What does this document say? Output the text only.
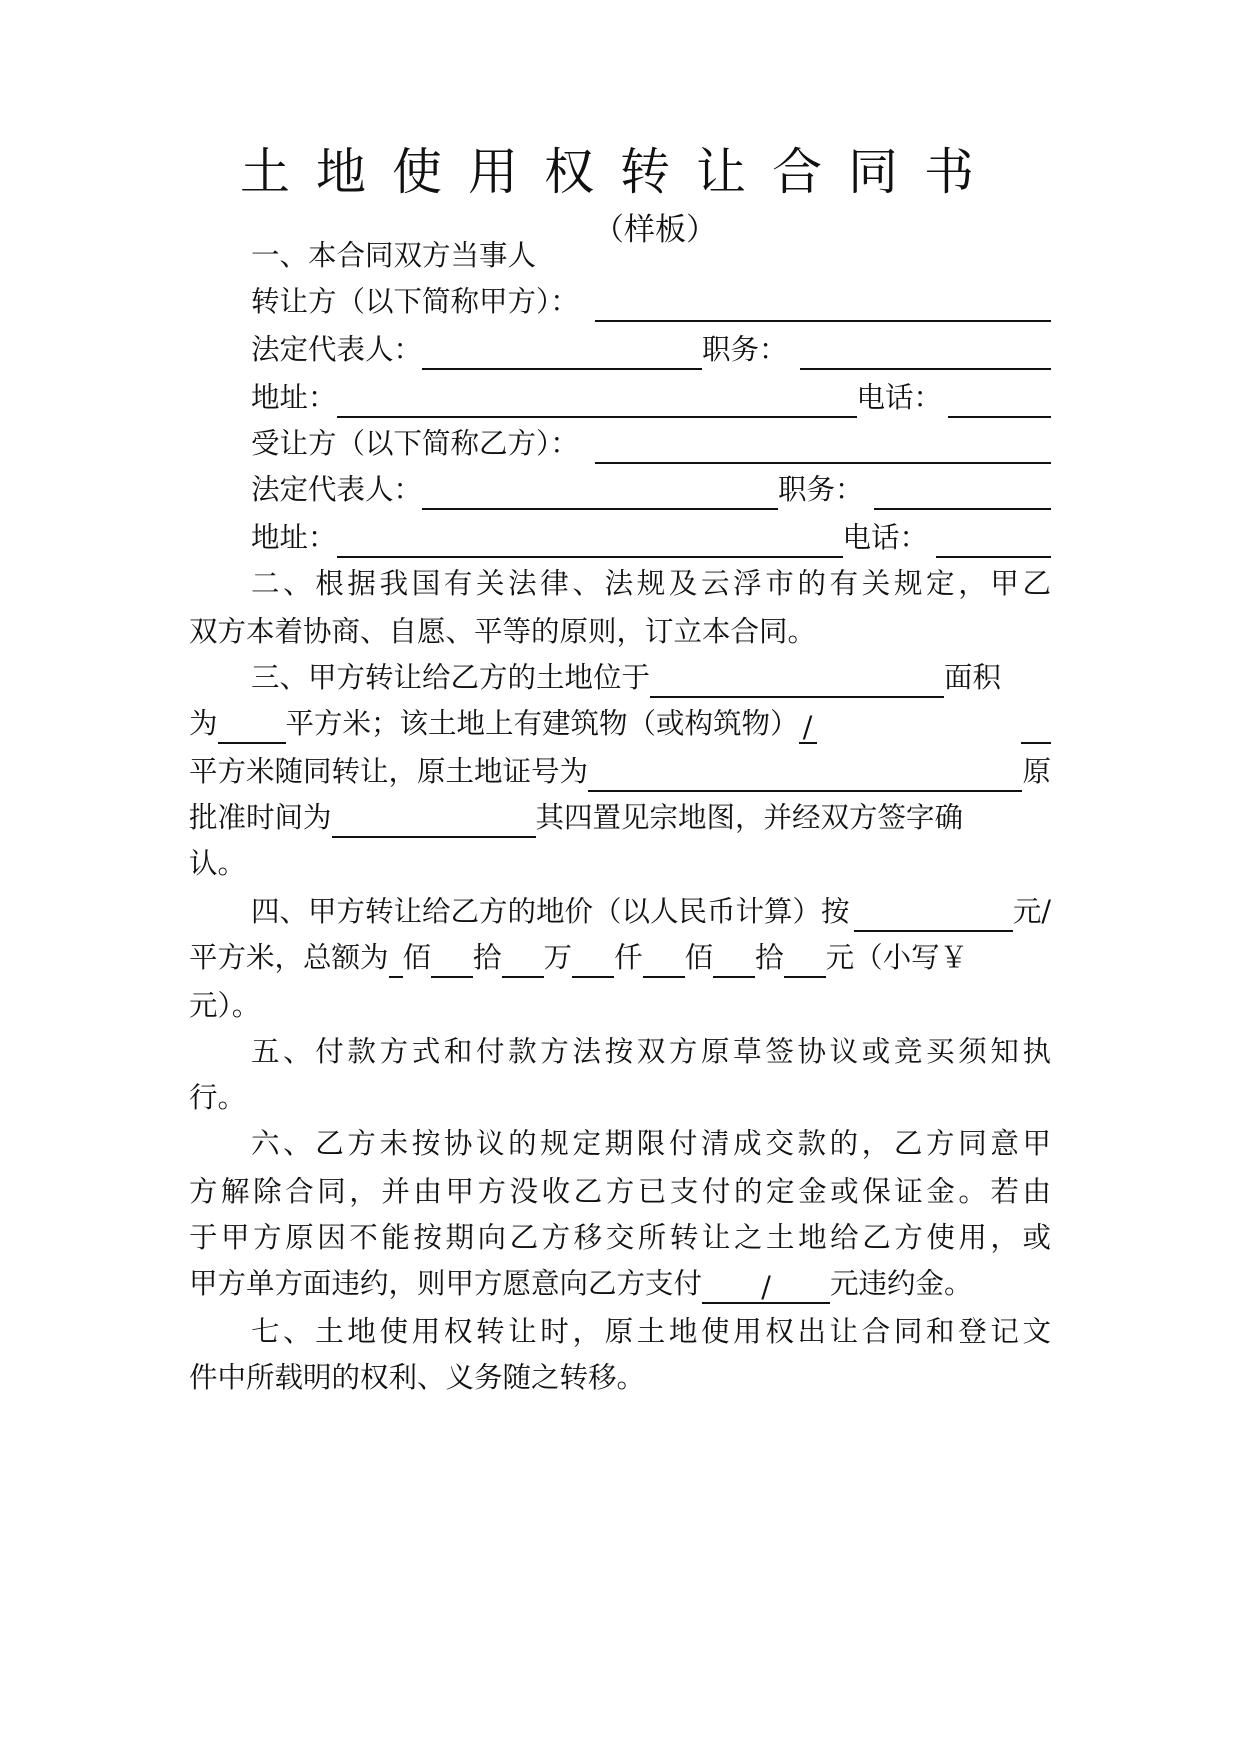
土地使用权转让合同书
（样板）
一、本合同双方当事人
转让方（以下简称甲方）：
法定代表人：	职务：
地址：	电话：
受让方（以下简称乙方）：
法定代表人：	职务：
地址：	电话：
二、根据我国有关法律、法规及云浮市的有关规定，甲乙
双方本着协商、自愿、平等的原则，订立本合同。
三、甲方转让给乙方的土地位于	面积
为 平方米；该土地上有建筑物（或构筑物） /
平方米随同转让，原土地证号为	原
批准时间为	其四置见宗地图，并经双方签字确
认。
四、甲方转让给乙方的地价（以人民币计算）按	元/
平方米，总额为 佰 拾 万 仟 佰 拾 元（小写￥
元）。
五、付款方式和付款方法按双方原草签协议或竞买须知执
行。
六、乙方未按协议的规定期限付清成交款的，乙方同意甲
方解除合同，并由甲方没收乙方已支付的定金或保证金。若由
于甲方原因不能按期向乙方移交所转让之土地给乙方使用，或
甲方单方面违约，则甲方愿意向乙方支付	/	元违约金。
七、土地使用权转让时，原土地使用权出让合同和登记文
件中所载明的权利、义务随之转移。
